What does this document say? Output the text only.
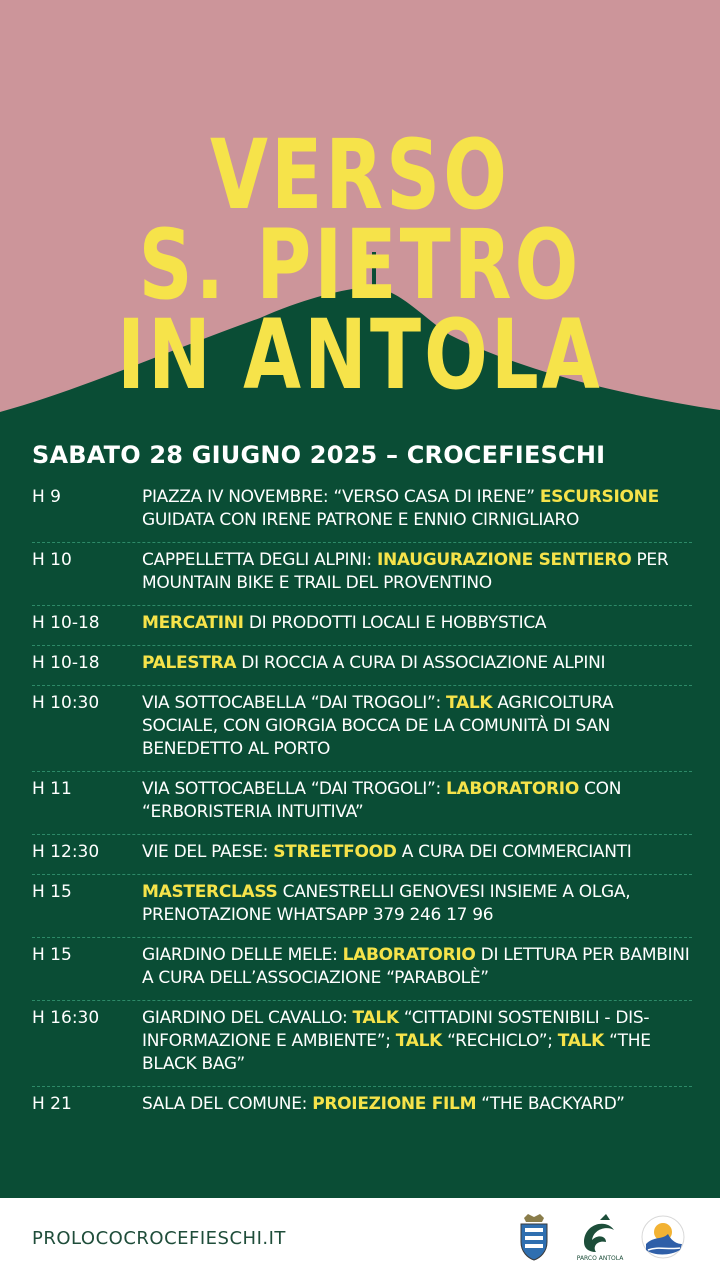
VERSO
S. PIETRO
IN ANTOLA
SABATO 28 GIUGNO 2025 – CROCEFIESCHI
H 9	PIAZZA IV NOVEMBRE: “VERSO CASA DI IRENE” ESCURSIONE GUIDATA CON IRENE PATRONE E ENNIO CIRNIGLIARO
H 10	CAPPELLETTA DEGLI ALPINI: INAUGURAZIONE SENTIERO PER MOUNTAIN BIKE E TRAIL DEL PROVENTINO
H 10-18	MERCATINI DI PRODOTTI LOCALI E HOBBYSTICA
H 10-18	PALESTRA DI ROCCIA A CURA DI ASSOCIAZIONE ALPINI
H 10:30	VIA SOTTOCABELLA “DAI TROGOLI”: TALK AGRICOLTURA SOCIALE, CON GIORGIA BOCCA DE LA COMUNITÀ DI SAN BENEDETTO AL PORTO
H 11	VIA SOTTOCABELLA “DAI TROGOLI”: LABORATORIO CON “ERBORISTERIA INTUITIVA”
H 12:30	VIE DEL PAESE: STREETFOOD A CURA DEI COMMERCIANTI
H 15	MASTERCLASS CANESTRELLI GENOVESI INSIEME A OLGA, PRENOTAZIONE WHATSAPP 379 246 17 96
H 15	GIARDINO DELLE MELE: LABORATORIO DI LETTURA PER BAMBINI A CURA DELL’ASSOCIAZIONE “PARABOLÈ”
H 16:30	GIARDINO DEL CAVALLO: TALK “CITTADINI SOSTENIBILI - DIS-INFORMAZIONE E AMBIENTE”; TALK “RECHICLO”; TALK “THE BLACK BAG”
H 21	SALA DEL COMUNE: PROIEZIONE FILM “THE BACKYARD”
PROLOCOCROCEFIESCHI.IT
PARCO ANTOLA
